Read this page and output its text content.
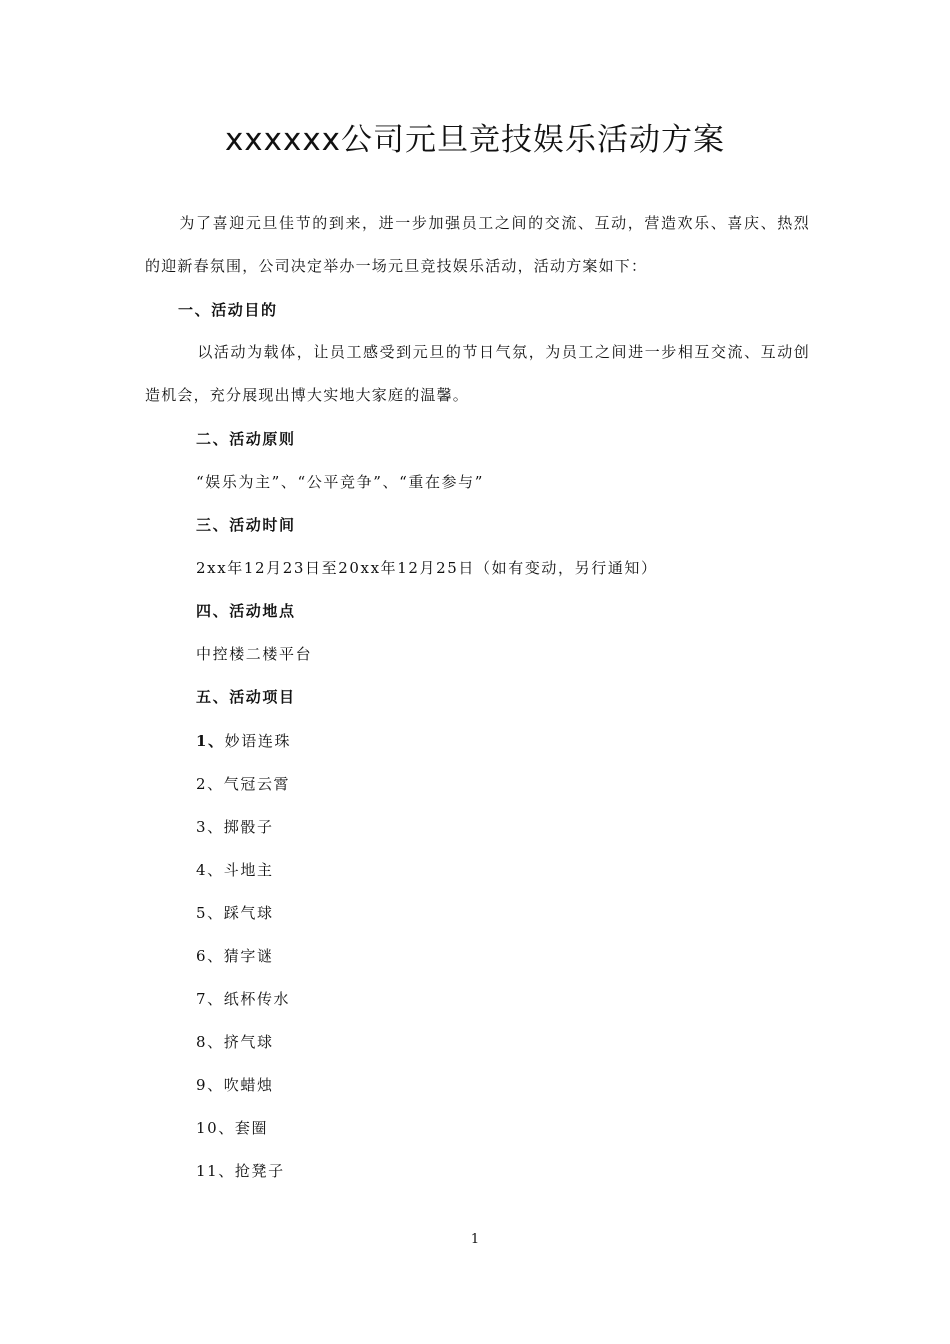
xxxxxx公司元旦竞技娱乐活动方案
为了喜迎元旦佳节的到来，进一步加强员工之间的交流、互动，营造欢乐、喜庆、热烈的迎新春氛围，公司决定举办一场元旦竞技娱乐活动，活动方案如下：
一、活动目的
以活动为载体，让员工感受到元旦的节日气氛，为员工之间进一步相互交流、互动创造机会，充分展现出博大实地大家庭的温馨。
二、活动原则
“娱乐为主”、“公平竞争”、“重在参与”
三、活动时间
2xx年12月23日至20xx年12月25日（如有变动，另行通知）
四、活动地点
中控楼二楼平台
五、活动项目
1、妙语连珠
2、气冠云霄
3、掷骰子
4、斗地主
5、踩气球
6、猜字谜
7、纸杯传水
8、挤气球
9、吹蜡烛
10、套圈
11、抢凳子
1
